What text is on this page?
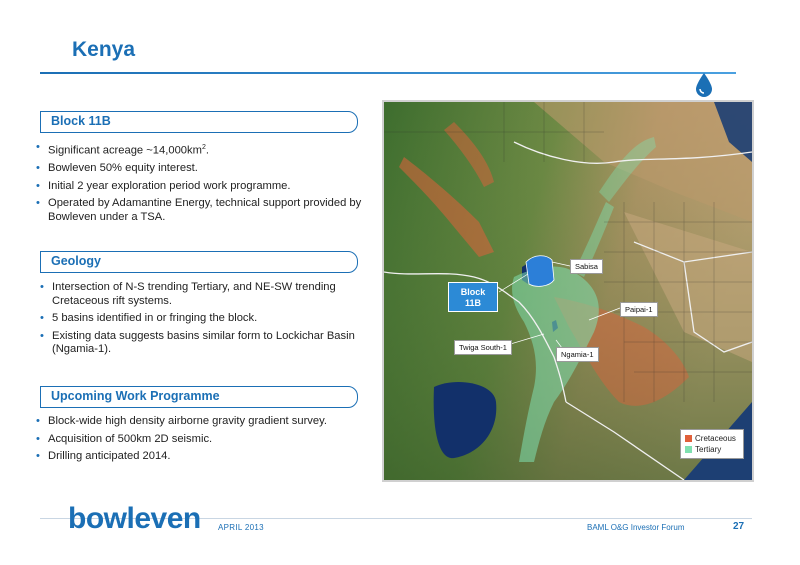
Kenya
Block 11B
• Significant acreage $\sim 14,000km^2$.
• Bowleven 50% equity interest.
• Initial 2 year exploration period work programme.
• Operated by Adamantine Energy, technical support provided by Bowleven under a TSA.
Geology
• Intersection of N-S trending Tertiary, and NE-SW trending Cretaceous rift systems.
• 5 basins identified in or fringing the block.
• Existing data suggests basins similar form to Lockichar Basin (Ngamia-1).
Upcoming Work Programme
• Block-wide high density airborne gravity gradient survey.
• Acquisition of 500km 2D seismic.
• Drilling anticipated 2014.
Block
11B
Sabisa
Paipai-1
Twiga South-1
Ngamia-1
Cretaceous
Tertiary
bowleven APRIL 2013	BAML O&G Investor Forum	27
